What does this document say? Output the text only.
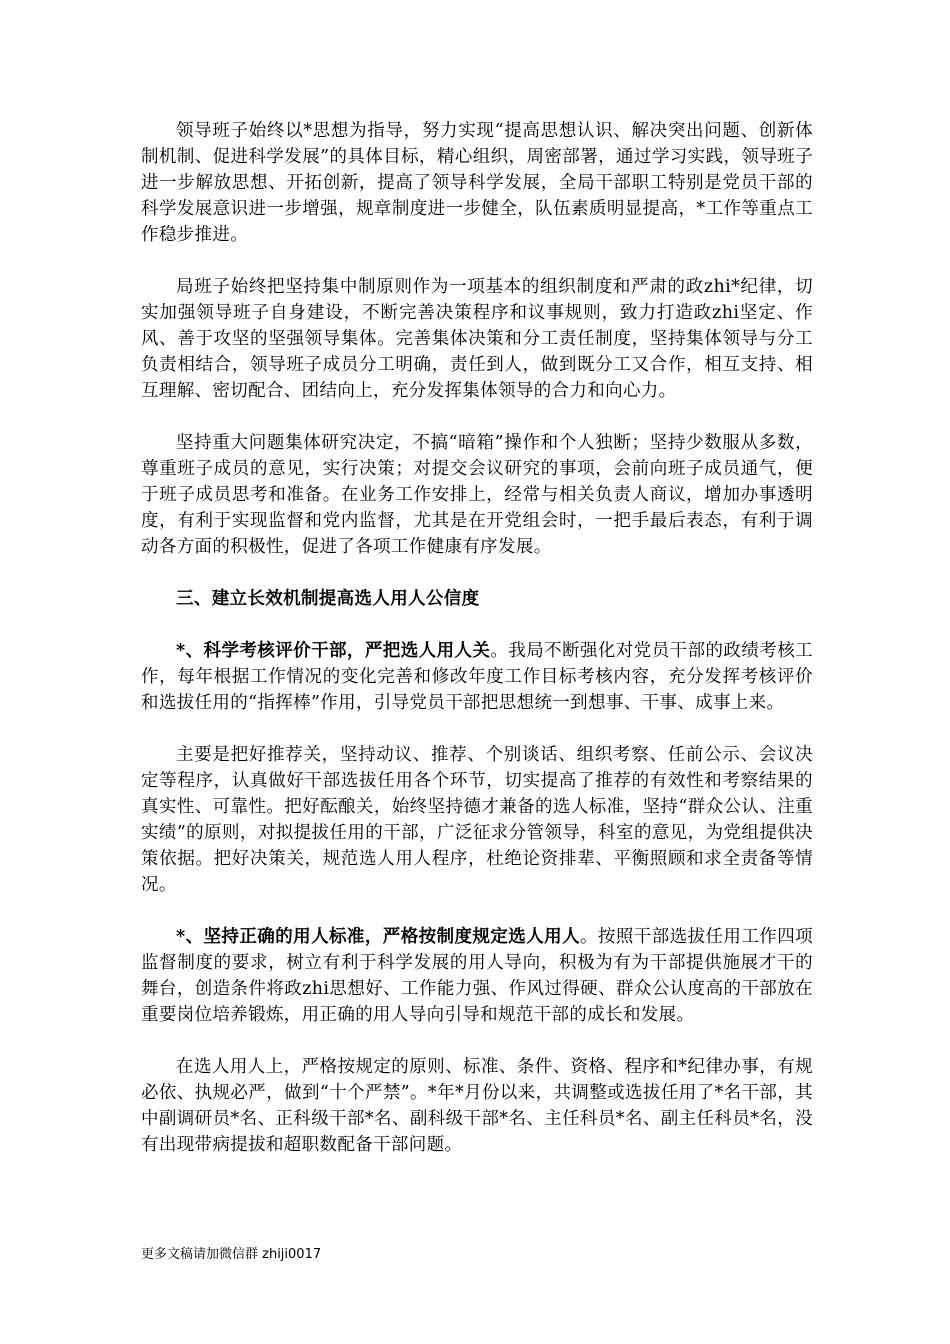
领导班子始终以*思想为指导，努力实现“提高思想认识、解决突出问题、创新体制机制、促进科学发展”的具体目标，精心组织，周密部署，通过学习实践，领导班子进一步解放思想、开拓创新，提高了领导科学发展，全局干部职工特别是党员干部的科学发展意识进一步增强，规章制度进一步健全，队伍素质明显提高，*工作等重点工作稳步推进。

局班子始终把坚持集中制原则作为一项基本的组织制度和严肃的政zhi*纪律，切实加强领导班子自身建设，不断完善决策程序和议事规则，致力打造政zhi坚定、作风、善于攻坚的坚强领导集体。完善集体决策和分工责任制度，坚持集体领导与分工负责相结合，领导班子成员分工明确，责任到人，做到既分工又合作，相互支持、相互理解、密切配合、团结向上，充分发挥集体领导的合力和向心力。

坚持重大问题集体研究决定，不搞“暗箱”操作和个人独断；坚持少数服从多数，尊重班子成员的意见，实行决策；对提交会议研究的事项，会前向班子成员通气，便于班子成员思考和准备。在业务工作安排上，经常与相关负责人商议，增加办事透明度，有利于实现监督和党内监督，尤其是在开党组会时，一把手最后表态，有利于调动各方面的积极性，促进了各项工作健康有序发展。

三、建立长效机制提高选人用人公信度

*、科学考核评价干部，严把选人用人关。我局不断强化对党员干部的政绩考核工作，每年根据工作情况的变化完善和修改年度工作目标考核内容，充分发挥考核评价和选拔任用的“指挥棒”作用，引导党员干部把思想统一到想事、干事、成事上来。

主要是把好推荐关，坚持动议、推荐、个别谈话、组织考察、任前公示、会议决定等程序，认真做好干部选拔任用各个环节，切实提高了推荐的有效性和考察结果的真实性、可靠性。把好酝酿关，始终坚持德才兼备的选人标准，坚持“群众公认、注重实绩”的原则，对拟提拔任用的干部，广泛征求分管领导，科室的意见，为党组提供决策依据。把好决策关，规范选人用人程序，杜绝论资排辈、平衡照顾和求全责备等情况。

*、坚持正确的用人标准，严格按制度规定选人用人。按照干部选拔任用工作四项监督制度的要求，树立有利于科学发展的用人导向，积极为有为干部提供施展才干的舞台，创造条件将政zhi思想好、工作能力强、作风过得硬、群众公认度高的干部放在重要岗位培养锻炼，用正确的用人导向引导和规范干部的成长和发展。

在选人用人上，严格按规定的原则、标准、条件、资格、程序和*纪律办事，有规必依、执规必严，做到“十个严禁”。*年*月份以来，共调整或选拔任用了*名干部，其中副调研员*名、正科级干部*名、副科级干部*名、主任科员*名、副主任科员*名，没有出现带病提拔和超职数配备干部问题。

更多文稿请加微信群 zhiji0017
